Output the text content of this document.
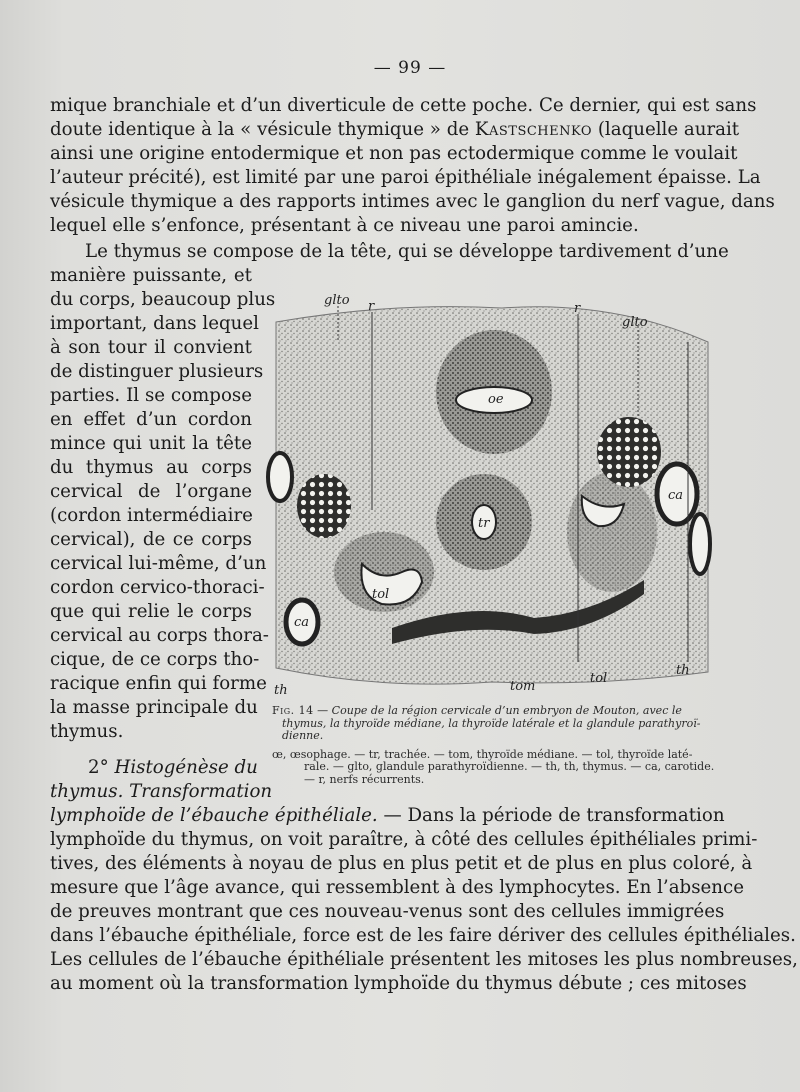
— 99 —
mique branchiale et d’un diverticule de cette poche. Ce dernier, qui est sans
doute identique à la « vésicule thymique » de Kastschenko (laquelle aurait
ainsi une origine entodermique et non pas ectodermique comme le voulait
l’auteur précité), est limité par une paroi épithéliale inégalement épaisse. La
vésicule thymique a des rapports intimes avec le ganglion du nerf vague, dans
lequel elle s’enfonce, présentant à ce niveau une paroi amincie.
Le thymus se compose de la tête, qui se développe tardivement d’une
manière puissante, et
du corps, beaucoup plus
important, dans lequel
à son tour il convient
de distinguer plusieurs
parties. Il se compose
en effet d’un cordon
mince qui unit la tête
du thymus au corps
cervical de l’organe
(cordon intermédiaire
cervical), de ce corps
cervical lui-même, d’un
cordon cervico-thoraci-
que qui relie le corps
cervical au corps thora-
cique, de ce corps tho-
racique enfin qui forme
la masse principale du
thymus.
2° Histogénèse du
thymus. Transformation
lymphoïde de l’ébauche épithéliale. — Dans la période de transformation
lymphoïde du thymus, on voit paraître, à côté des cellules épithéliales primi-
tives, des éléments à noyau de plus en plus petit et de plus en plus coloré, à
mesure que l’âge avance, qui ressemblent à des lymphocytes. En l’absence
de preuves montrant que ces nouveau-venus sont des cellules immigrées
dans l’ébauche épithéliale, force est de les faire dériver des cellules épithéliales.
Les cellules de l’ébauche épithéliale présentent les mitoses les plus nombreuses,
au moment où la transformation lymphoïde du thymus débute ; ces mitoses
glto r	r
glto
oe
ca
ca
tr
tol
tol
tom
th
th
Fig. 14 — Coupe de la région cervicale d’un embryon de Mouton, avec le
thymus, la thyroïde médiane, la thyroïde latérale et la glandule parathyroï-
dienne.
œ, œsophage. — tr, trachée. — tom, thyroïde médiane. — tol, thyroïde laté-
rale. — glto, glandule parathyroïdienne. — th, th, thymus. — ca, carotide.
— r, nerfs récurrents.
